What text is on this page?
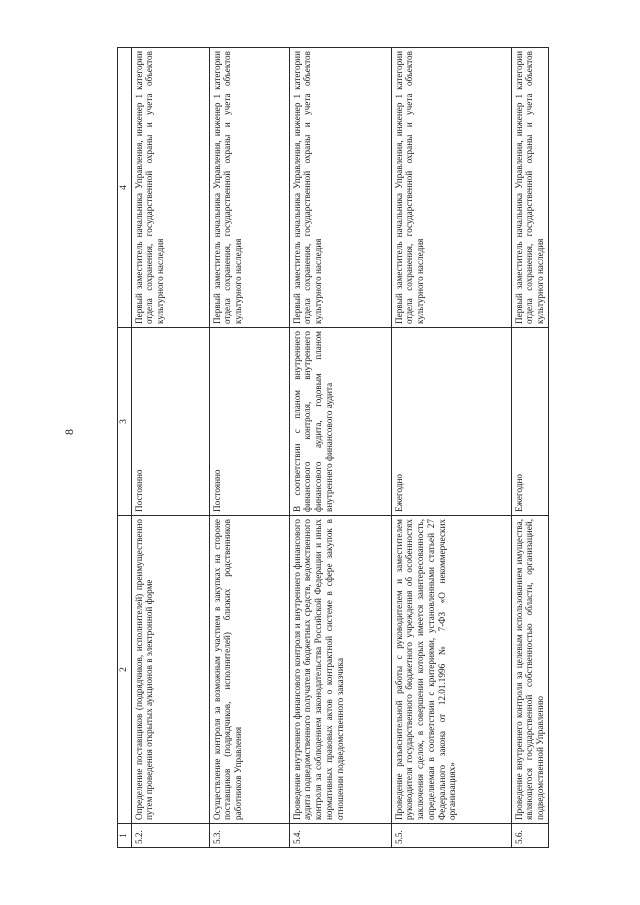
8
1	2	3	4
5.2.	Определение поставщиков (подрядчиков, исполнителей) преимущественно путем проведения открытых аукционов в электронной форме	Постоянно	Первый заместитель начальника Управления, инженер 1 категории отдела сохранения, государственной охраны и учета объектов культурного наследия
5.3.	Осуществление контроля за возможным участием в закупках на стороне поставщиков (подрядчиков, исполнителей) близких родственников работников Управления	Постоянно	Первый заместитель начальника Управления, инженер 1 категории отдела сохранения, государственной охраны и учета объектов культурного наследия
5.4.	Проведение внутреннего финансового контроля и внутреннего финансового аудита подведомственного получателя бюджетных средств, ведомственного контроля за соблюдением законодательства Российской Федерации и иных нормативных правовых актов о контрактной системе в сфере закупок в отношении подведомственного заказчика	В соответствии с планом внутреннего финансового контроля, внутреннего финансового аудита, годовым планом внутреннего финансового аудита	Первый заместитель начальника Управления, инженер 1 категории отдела сохранения, государственной охраны и учета объектов культурного наследия
5.5.	Проведение разъяснительной работы с руководителем и заместителем руководителя государственного бюджетного учреждения об особенностях заключения сделок, в совершении которых имеется заинтересованность, определяемая в соответствии с критериями, установленными статьей 27 Федерального закона от 12.01.1996 № 7-ФЗ «О некоммерческих организациях»	Ежегодно	Первый заместитель начальника Управления, инженер 1 категории отдела сохранения, государственной охраны и учета объектов культурного наследия
5.6.	Проведение внутреннего контроля за целевым использованием имущества, являющегося государственной собственностью области, организацией, подведомственной Управлению	Ежегодно	Первый заместитель начальника Управления, инженер 1 категории отдела сохранения, государственной охраны и учета объектов культурного наследия
